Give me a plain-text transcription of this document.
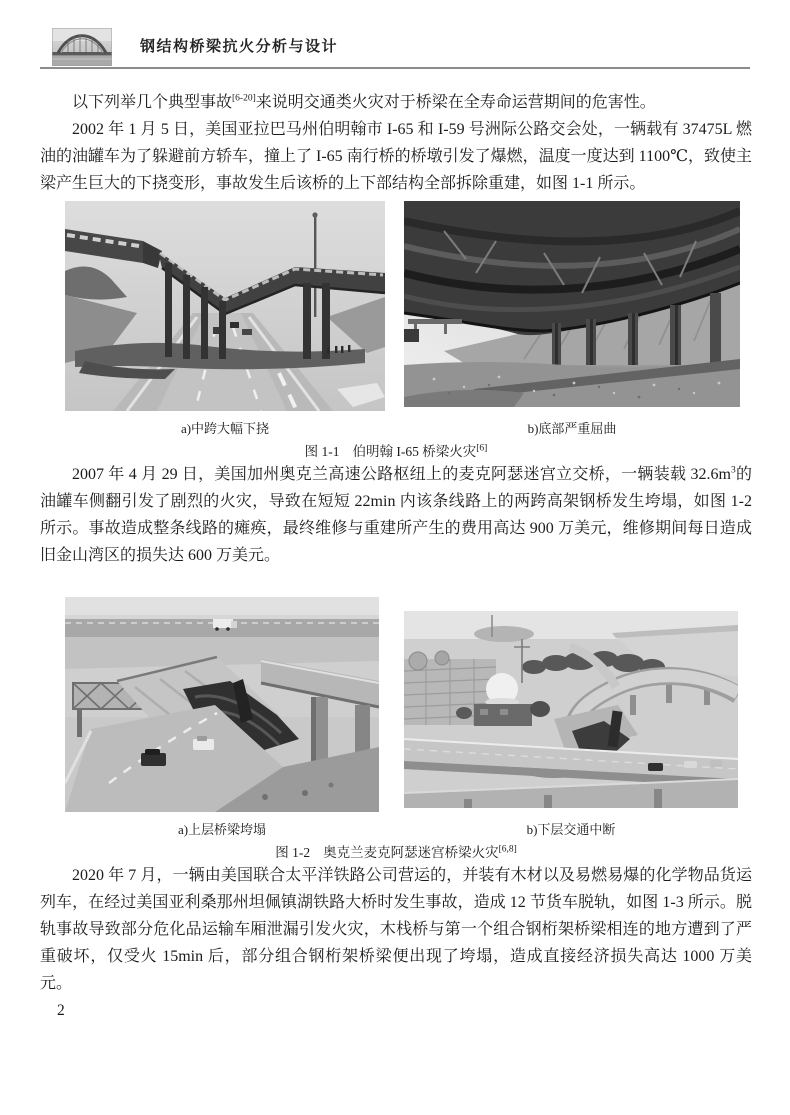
钢结构桥梁抗火分析与设计

以下列举几个典型事故[6-20]来说明交通类火灾对于桥梁在全寿命运营期间的危害性。

2002 年 1 月 5 日，美国亚拉巴马州伯明翰市 I-65 和 I-59 号洲际公路交会处，一辆载有 37475L 燃油的油罐车为了躲避前方轿车，撞上了 I-65 南行桥的桥墩引发了爆燃，温度一度达到 1100℃，致使主梁产生巨大的下挠变形，事故发生后该桥的上下部结构全部拆除重建，如图 1-1 所示。

a)中跨大幅下挠	b)底部严重屈曲
图 1-1 伯明翰 I-65 桥梁火灾[6]

2007 年 4 月 29 日，美国加州奥克兰高速公路枢纽上的麦克阿瑟迷宫立交桥，一辆装载 32.6m$^3$的油罐车侧翻引发了剧烈的火灾，导致在短短 22min 内该条线路上的两跨高架钢桥发生垮塌，如图 1-2 所示。事故造成整条线路的瘫痪，最终维修与重建所产生的费用高达 900 万美元，维修期间每日造成旧金山湾区的损失达 600 万美元。

a)上层桥梁垮塌	b)下层交通中断
图 1-2 奥克兰麦克阿瑟迷宫桥梁火灾[6,8]

2020 年 7 月，一辆由美国联合太平洋铁路公司营运的，并装有木材以及易燃易爆的化学物品货运列车，在经过美国亚利桑那州坦佩镇湖铁路大桥时发生事故，造成 12 节货车脱轨，如图 1-3 所示。脱轨事故导致部分危化品运输车厢泄漏引发火灾，木栈桥与第一个组合钢桁架桥梁相连的地方遭到了严重破坏，仅受火 15min 后，部分组合钢桁架桥梁便出现了垮塌，造成直接经济损失高达 1000 万美元。

2
